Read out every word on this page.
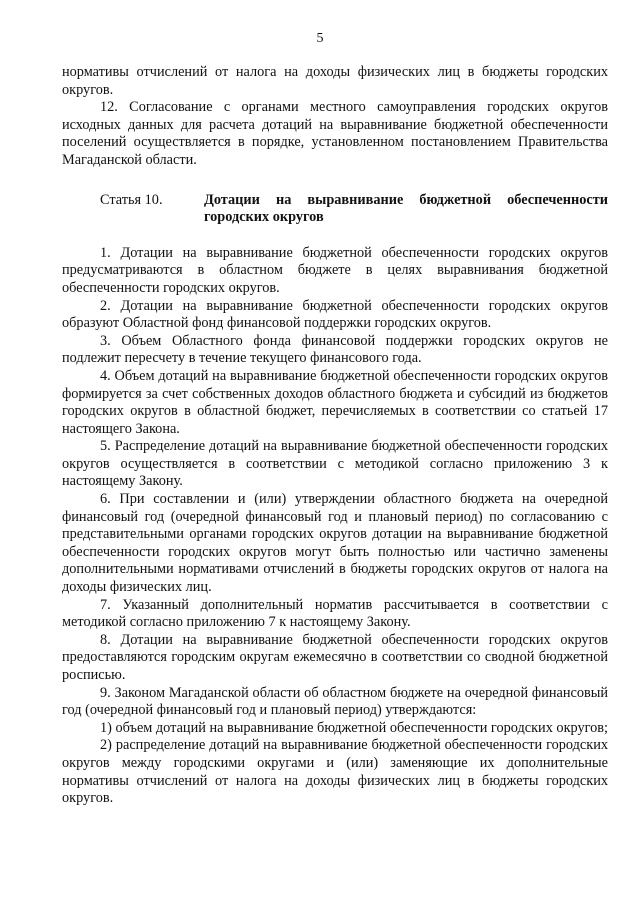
5

нормативы отчислений от налога на доходы физических лиц в бюджеты городских округов.

12. Согласование с органами местного самоуправления городских округов исходных данных для расчета дотаций на выравнивание бюджетной обеспеченности поселений осуществляется в порядке, установленном постановлением Правительства Магаданской области.

Статья 10.	Дотации на выравнивание бюджетной обеспеченности городских округов

1. Дотации на выравнивание бюджетной обеспеченности городских округов предусматриваются в областном бюджете в целях выравнивания бюджетной обеспеченности городских округов.

2. Дотации на выравнивание бюджетной обеспеченности городских округов образуют Областной фонд финансовой поддержки городских округов.

3. Объем Областного фонда финансовой поддержки городских округов не подлежит пересчету в течение текущего финансового года.

4. Объем дотаций на выравнивание бюджетной обеспеченности городских округов формируется за счет собственных доходов областного бюджета и субсидий из бюджетов городских округов в областной бюджет, перечисляемых в соответствии со статьей 17 настоящего Закона.

5. Распределение дотаций на выравнивание бюджетной обеспеченности городских округов осуществляется в соответствии с методикой согласно приложению 3 к настоящему Закону.

6. При составлении и (или) утверждении областного бюджета на очередной финансовый год (очередной финансовый год и плановый период) по согласованию с представительными органами городских округов дотации на выравнивание бюджетной обеспеченности городских округов могут быть полностью или частично заменены дополнительными нормативами отчислений в бюджеты городских округов от налога на доходы физических лиц.

7. Указанный дополнительный норматив рассчитывается в соответствии с методикой согласно приложению 7 к настоящему Закону.

8. Дотации на выравнивание бюджетной обеспеченности городских округов предоставляются городским округам ежемесячно в соответствии со сводной бюджетной росписью.

9. Законом Магаданской области об областном бюджете на очередной финансовый год (очередной финансовый год и плановый период) утверждаются:

1) объем дотаций на выравнивание бюджетной обеспеченности городских округов;

2) распределение дотаций на выравнивание бюджетной обеспеченности городских округов между городскими округами и (или) заменяющие их дополнительные нормативы отчислений от налога на доходы физических лиц в бюджеты городских округов.
